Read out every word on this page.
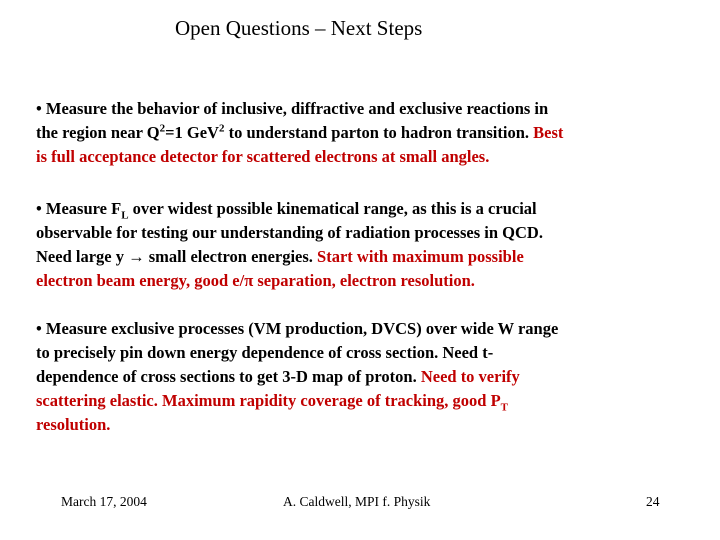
Open Questions – Next Steps
• Measure the behavior of inclusive, diffractive and exclusive reactions in
the region near $Q^2=1$ GeV$^2$ to understand parton to hadron transition. Best
is full acceptance detector for scattered electrons at small angles.
• Measure $F_L$ over widest possible kinematical range, as this is a crucial
observable for testing our understanding of radiation processes in QCD.
Need large y → small electron energies. Start with maximum possible
electron beam energy, good e/π separation, electron resolution.
• Measure exclusive processes (VM production, DVCS) over wide W range
to precisely pin down energy dependence of cross section. Need t-
dependence of cross sections to get 3-D map of proton. Need to verify
scattering elastic. Maximum rapidity coverage of tracking, good $P_T$
resolution.
March 17, 2004	A. Caldwell, MPI f. Physik	24
